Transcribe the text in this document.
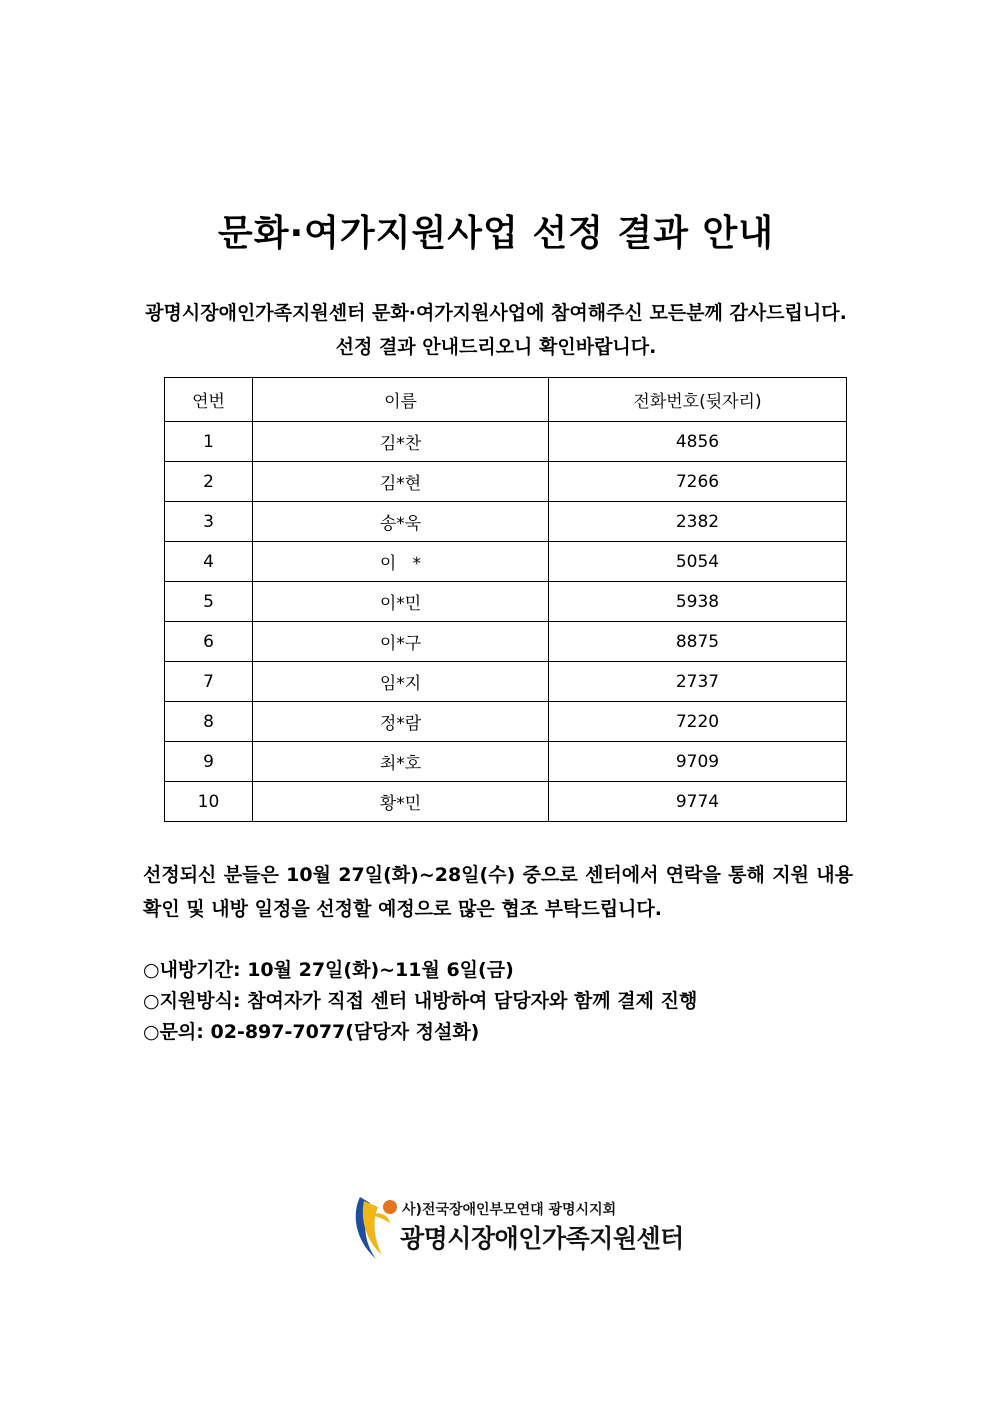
문화·여가지원사업 선정 결과 안내
광명시장애인가족지원센터 문화·여가지원사업에 참여해주신 모든분께 감사드립니다.
선정 결과 안내드리오니 확인바랍니다.
연번	이름	전화번호(뒷자리)
1	김*찬	4856
2	김*현	7266
3	송*욱	2382
4	이   *	5054
5	이*민	5938
6	이*구	8875
7	임*지	2737
8	정*람	7220
9	최*호	9709
10	황*민	9774
선정되신 분들은 10월 27일(화)~28일(수) 중으로 센터에서 연락을 통해 지원 내용 확인 및 내방 일정을 선정할 예정으로 많은 협조 부탁드립니다.
○내방기간: 10월 27일(화)~11월 6일(금)
○지원방식: 참여자가 직접 센터 내방하여 담당자와 함께 결제 진행
○문의: 02-897-7077(담당자 정설화)
사)전국장애인부모연대 광명시지회
광명시장애인가족지원센터
